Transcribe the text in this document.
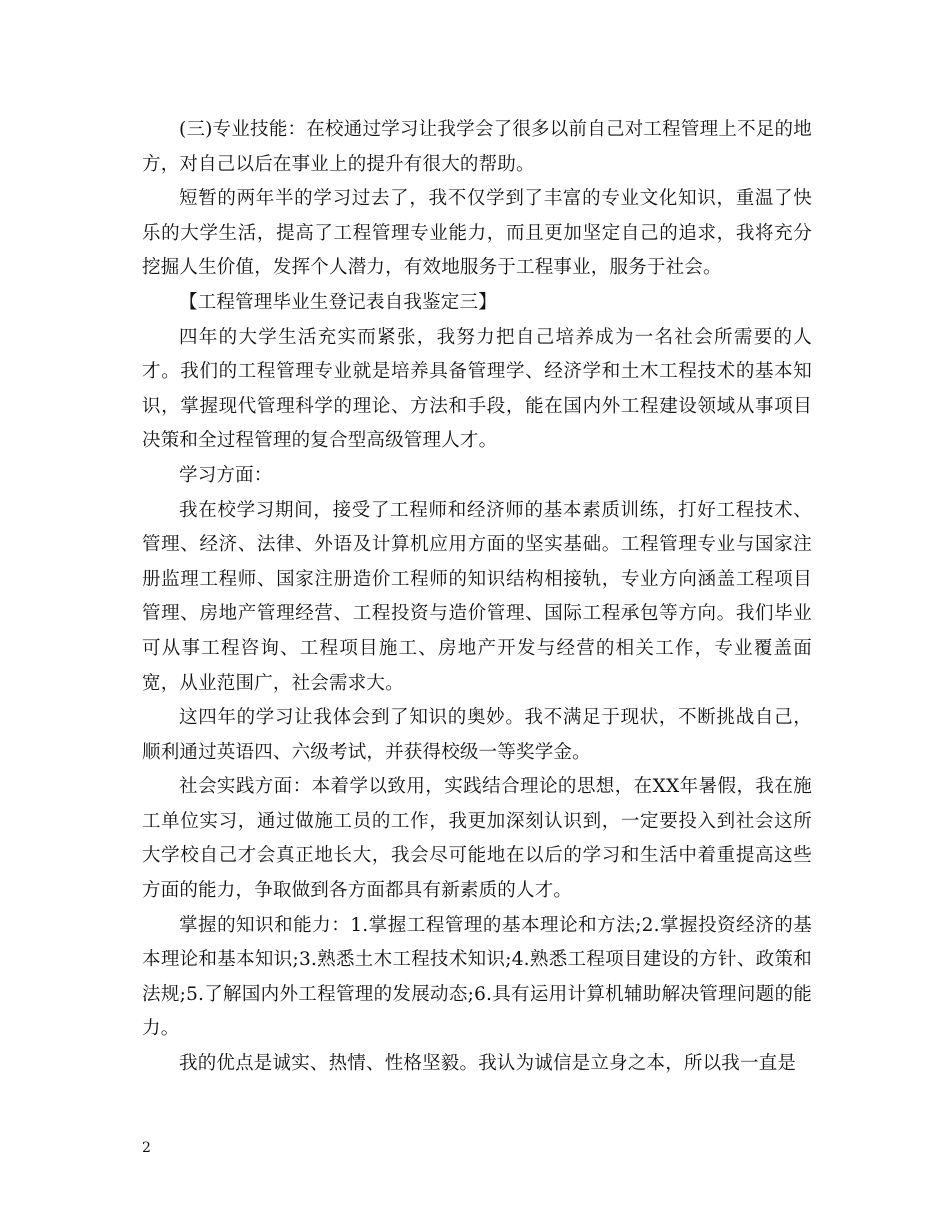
(三)专业技能：在校通过学习让我学会了很多以前自己对工程管理上不足的地方，对自己以后在事业上的提升有很大的帮助。

短暂的两年半的学习过去了，我不仅学到了丰富的专业文化知识，重温了快乐的大学生活，提高了工程管理专业能力，而且更加坚定自己的追求，我将充分挖掘人生价值，发挥个人潜力，有效地服务于工程事业，服务于社会。

【工程管理毕业生登记表自我鉴定三】

四年的大学生活充实而紧张，我努力把自己培养成为一名社会所需要的人才。我们的工程管理专业就是培养具备管理学、经济学和土木工程技术的基本知识，掌握现代管理科学的理论、方法和手段，能在国内外工程建设领域从事项目决策和全过程管理的复合型高级管理人才。

学习方面：

我在校学习期间，接受了工程师和经济师的基本素质训练，打好工程技术、管理、经济、法律、外语及计算机应用方面的坚实基础。工程管理专业与国家注册监理工程师、国家注册造价工程师的知识结构相接轨，专业方向涵盖工程项目管理、房地产管理经营、工程投资与造价管理、国际工程承包等方向。我们毕业可从事工程咨询、工程项目施工、房地产开发与经营的相关工作，专业覆盖面宽，从业范围广，社会需求大。

这四年的学习让我体会到了知识的奥妙。我不满足于现状，不断挑战自己，顺利通过英语四、六级考试，并获得校级一等奖学金。

社会实践方面：本着学以致用，实践结合理论的思想，在XX年暑假，我在施工单位实习，通过做施工员的工作，我更加深刻认识到，一定要投入到社会这所大学校自己才会真正地长大，我会尽可能地在以后的学习和生活中着重提高这些方面的能力，争取做到各方面都具有新素质的人才。

掌握的知识和能力：1.掌握工程管理的基本理论和方法;2.掌握投资经济的基本理论和基本知识;3.熟悉土木工程技术知识;4.熟悉工程项目建设的方针、政策和法规;5.了解国内外工程管理的发展动态;6.具有运用计算机辅助解决管理问题的能力。

我的优点是诚实、热情、性格坚毅。我认为诚信是立身之本，所以我一直是

2
